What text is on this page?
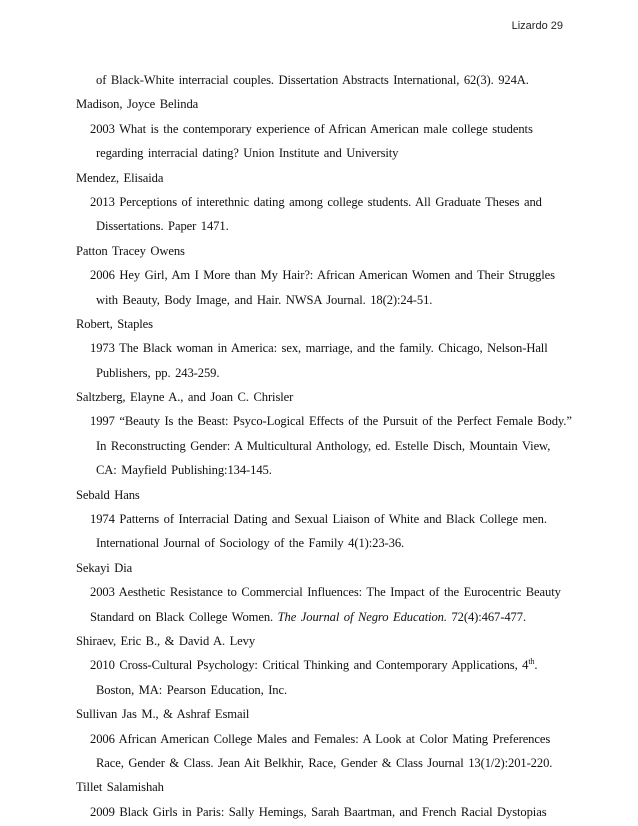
Lizardo 29
of Black-White interracial couples. Dissertation Abstracts International, 62(3). 924A.
Madison, Joyce Belinda
2003 What is the contemporary experience of African American male college students
regarding interracial dating? Union Institute and University
Mendez, Elisaida
2013 Perceptions of interethnic dating among college students. All Graduate Theses and
Dissertations. Paper 1471.
Patton Tracey Owens
2006 Hey Girl, Am I More than My Hair?: African American Women and Their Struggles
with Beauty, Body Image, and Hair. NWSA Journal. 18(2):24-51.
Robert, Staples
1973 The Black woman in America: sex, marriage, and the family. Chicago, Nelson-Hall
Publishers, pp. 243-259.
Saltzberg, Elayne A., and Joan C. Chrisler
1997 “Beauty Is the Beast: Psyco-Logical Effects of the Pursuit of the Perfect Female Body.”
In Reconstructing Gender: A Multicultural Anthology, ed. Estelle Disch, Mountain View,
CA: Mayfield Publishing:134-145.
Sebald Hans
1974 Patterns of Interracial Dating and Sexual Liaison of White and Black College men.
International Journal of Sociology of the Family 4(1):23-36.
Sekayi Dia
2003 Aesthetic Resistance to Commercial Influences: The Impact of the Eurocentric Beauty
Standard on Black College Women. The Journal of Negro Education. 72(4):467-477.
Shiraev, Eric B., & David A. Levy
2010 Cross-Cultural Psychology: Critical Thinking and Contemporary Applications, 4th.
Boston, MA: Pearson Education, Inc.
Sullivan Jas M., & Ashraf Esmail
2006 African American College Males and Females: A Look at Color Mating Preferences
Race, Gender & Class. Jean Ait Belkhir, Race, Gender & Class Journal 13(1/2):201-220.
Tillet Salamishah
2009 Black Girls in Paris: Sally Hemings, Sarah Baartman, and French Racial Dystopias
